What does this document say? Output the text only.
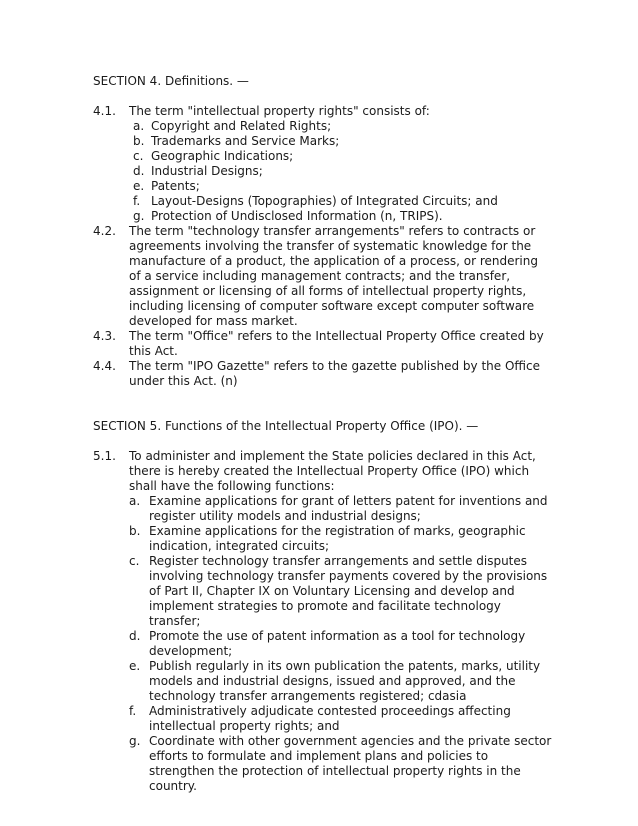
SECTION 4. Definitions. —

4.1. The term "intellectual property rights" consists of:
a. Copyright and Related Rights;
b. Trademarks and Service Marks;
c. Geographic Indications;
d. Industrial Designs;
e. Patents;
f. Layout-Designs (Topographies) of Integrated Circuits; and
g. Protection of Undisclosed Information (n, TRIPS).
4.2. The term "technology transfer arrangements" refers to contracts or agreements involving the transfer of systematic knowledge for the manufacture of a product, the application of a process, or rendering of a service including management contracts; and the transfer, assignment or licensing of all forms of intellectual property rights, including licensing of computer software except computer software developed for mass market.
4.3. The term "Office" refers to the Intellectual Property Office created by this Act.
4.4. The term "IPO Gazette" refers to the gazette published by the Office under this Act. (n)

SECTION 5. Functions of the Intellectual Property Office (IPO). —

5.1. To administer and implement the State policies declared in this Act, there is hereby created the Intellectual Property Office (IPO) which shall have the following functions:
a. Examine applications for grant of letters patent for inventions and register utility models and industrial designs;
b. Examine applications for the registration of marks, geographic indication, integrated circuits;
c. Register technology transfer arrangements and settle disputes involving technology transfer payments covered by the provisions of Part II, Chapter IX on Voluntary Licensing and develop and implement strategies to promote and facilitate technology transfer;
d. Promote the use of patent information as a tool for technology development;
e. Publish regularly in its own publication the patents, marks, utility models and industrial designs, issued and approved, and the technology transfer arrangements registered; cdasia
f. Administratively adjudicate contested proceedings affecting intellectual property rights; and
g. Coordinate with other government agencies and the private sector efforts to formulate and implement plans and policies to strengthen the protection of intellectual property rights in the country.
